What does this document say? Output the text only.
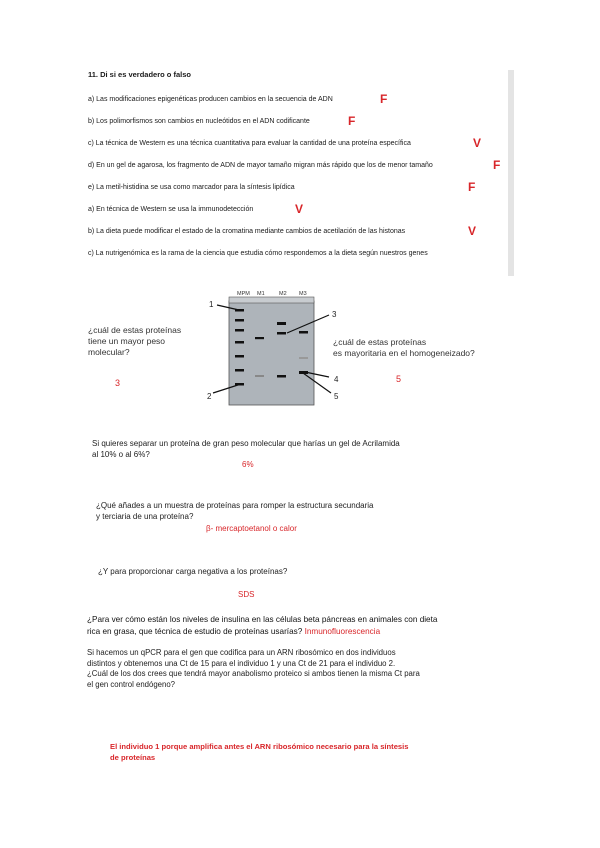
11. Di si es verdadero o falso
a) Las modificaciones epigenéticas producen cambios en la secuencia de ADN	F
b) Los polimorfismos son cambios en nucleótidos en el ADN codificante	F
c) La técnica de Western es una técnica cuantitativa para evaluar la cantidad de una proteína específica	V
d) En un gel de agarosa, los fragmento de ADN de mayor tamaño migran más rápido que los de menor tamaño	F
e) La metil-histidina se usa como marcador para la síntesis lipídica	F
a) En técnica de Western se usa la immunodetección	V
b) La dieta puede modificar el estado de la cromatina mediante cambios de acetilación de las histonas	V
c) La nutrigenómica es la rama de la ciencia que estudia cómo respondemos a la dieta según nuestros genes
MPM M1	M2 M3
1
2
3
4
5
¿cuál de estas proteínas
tiene un mayor peso
molecular?
3
¿cuál de estas proteínas
es mayoritaria en el homogeneizado?
5
Si quieres separar un proteína de gran peso molecular que harías un gel de Acrilamida
al 10% o al 6%?
6%
¿Qué añades a un muestra de proteínas para romper la estructura secundaria
y terciaria de una proteína?
β- mercaptoetanol o calor
¿Y para proporcionar carga negativa a los proteínas?
SDS
¿Para ver cómo están los niveles de insulina en las células beta páncreas en animales con dieta
rica en grasa, que técnica de estudio de proteínas usarías? Inmunofluorescencia
Si hacemos un qPCR para el gen que codifica para un ARN ribosómico en dos individuos
distintos y obtenemos una Ct de 15 para el individuo 1 y una Ct de 21 para el individuo 2.
¿Cuál de los dos crees que tendrá mayor anabolismo proteico si ambos tienen la misma Ct para
el gen control endógeno?
El individuo 1 porque amplifica antes el ARN ribosómico necesario para la síntesis
de proteínas
